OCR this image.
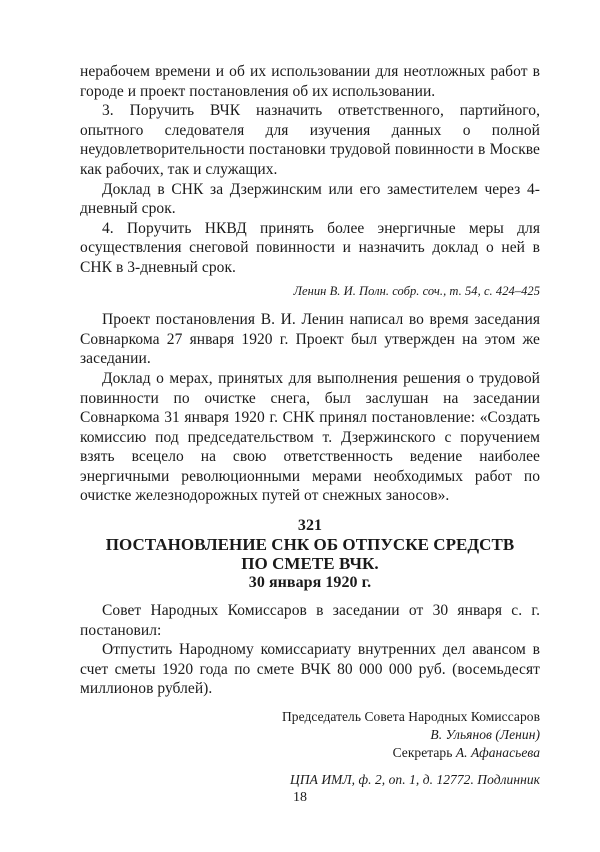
нерабочем времени и об их использовании для неотложных работ в городе и проект постановления об их использовании.

3. Поручить ВЧК назначить ответственного, партийного, опытного следователя для изучения данных о полной неудовлетворительности постановки трудовой повинности в Москве как рабочих, так и служащих.

Доклад в СНК за Дзержинским или его заместителем через 4-дневный срок.

4. Поручить НКВД принять более энергичные меры для осуществления снеговой повинности и назначить доклад о ней в СНК в 3-дневный срок.

Ленин В. И. Полн. собр. соч., т. 54, с. 424–425

Проект постановления В. И. Ленин написал во время заседания Совнаркома 27 января 1920 г. Проект был утвержден на этом же заседании.

Доклад о мерах, принятых для выполнения решения о трудовой повинности по очистке снега, был заслушан на заседании Совнаркома 31 января 1920 г. СНК принял постановление: «Создать комиссию под председательством т. Дзержинского с поручением взять всецело на свою ответственность ведение наиболее энергичными революционными мерами необходимых работ по очистке железнодорожных путей от снежных заносов».

321
ПОСТАНОВЛЕНИЕ СНК ОБ ОТПУСКЕ СРЕДСТВ
ПО СМЕТЕ ВЧК.
30 января 1920 г.

Совет Народных Комиссаров в заседании от 30 января с. г. постановил:

Отпустить Народному комиссариату внутренних дел авансом в счет сметы 1920 года по смете ВЧК 80 000 000 руб. (восемьдесят миллионов рублей).

Председатель Совета Народных Комиссаров
В. Ульянов (Ленин)
Секретарь А. Афанасьева
ЦПА ИМЛ, ф. 2, оп. 1, д. 12772. Подлинник
18
